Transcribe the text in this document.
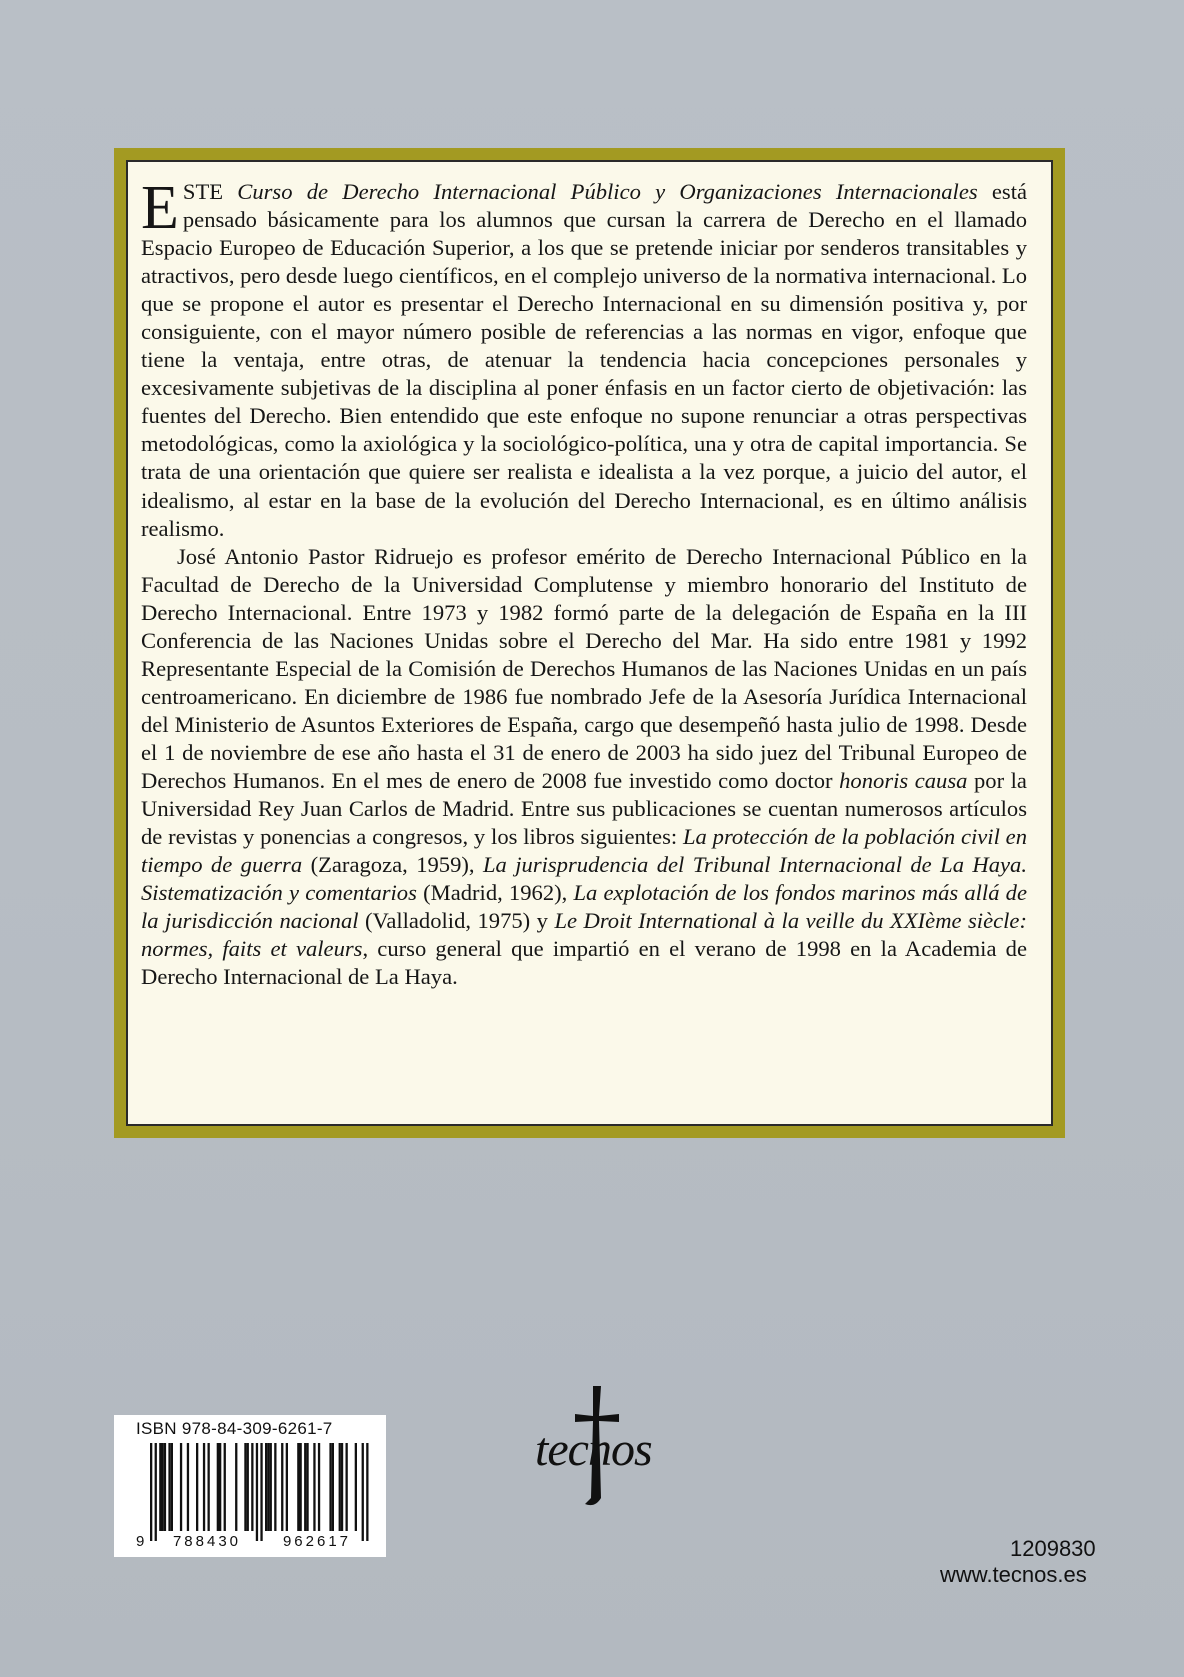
ESTE Curso de Derecho Internacional Público y Organizaciones Internacionales está pensado básicamente para los alumnos que cursan la carrera de Derecho en el llamado Espacio Europeo de Educación Superior, a los que se pretende iniciar por senderos transitables y atractivos, pero desde luego científicos, en el complejo universo de la normativa internacional. Lo que se propone el autor es presentar el Derecho Internacional en su dimensión positiva y, por consiguiente, con el mayor número posible de referencias a las normas en vigor, enfoque que tiene la ventaja, entre otras, de atenuar la tendencia hacia concepciones personales y excesivamente subjetivas de la disciplina al poner énfasis en un factor cierto de objetivación: las fuentes del Derecho. Bien entendido que este enfoque no supone renunciar a otras perspectivas metodológicas, como la axiológica y la sociológico-política, una y otra de capital importancia. Se trata de una orientación que quiere ser realista e idealista a la vez porque, a juicio del autor, el idealismo, al estar en la base de la evolución del Derecho Internacional, es en último análisis realismo.

José Antonio Pastor Ridruejo es profesor emérito de Derecho Internacional Público en la Facultad de Derecho de la Universidad Complutense y miembro honorario del Instituto de Derecho Internacional. Entre 1973 y 1982 formó parte de la delegación de España en la III Conferencia de las Naciones Unidas sobre el Derecho del Mar. Ha sido entre 1981 y 1992 Representante Especial de la Comisión de Derechos Humanos de las Naciones Unidas en un país centroamericano. En diciembre de 1986 fue nombrado Jefe de la Asesoría Jurídica Internacional del Ministerio de Asuntos Exteriores de España, cargo que desempeñó hasta julio de 1998. Desde el 1 de noviembre de ese año hasta el 31 de enero de 2003 ha sido juez del Tribunal Europeo de Derechos Humanos. En el mes de enero de 2008 fue investido como doctor honoris causa por la Universidad Rey Juan Carlos de Madrid. Entre sus publicaciones se cuentan numerosos artículos de revistas y ponencias a congresos, y los libros siguientes: La protección de la población civil en tiempo de guerra (Zaragoza, 1959), La jurisprudencia del Tribunal Internacional de La Haya. Sistematización y comentarios (Madrid, 1962), La explotación de los fondos marinos más allá de la jurisdicción nacional (Valladolid, 1975) y Le Droit International à la veille du XXIème siècle: normes, faits et valeurs, curso general que impartió en el verano de 1998 en la Academia de Derecho Internacional de La Haya.

ISBN 978-84-309-6261-7
9	788430	962617
tecnos
1209830
www.tecnos.es
